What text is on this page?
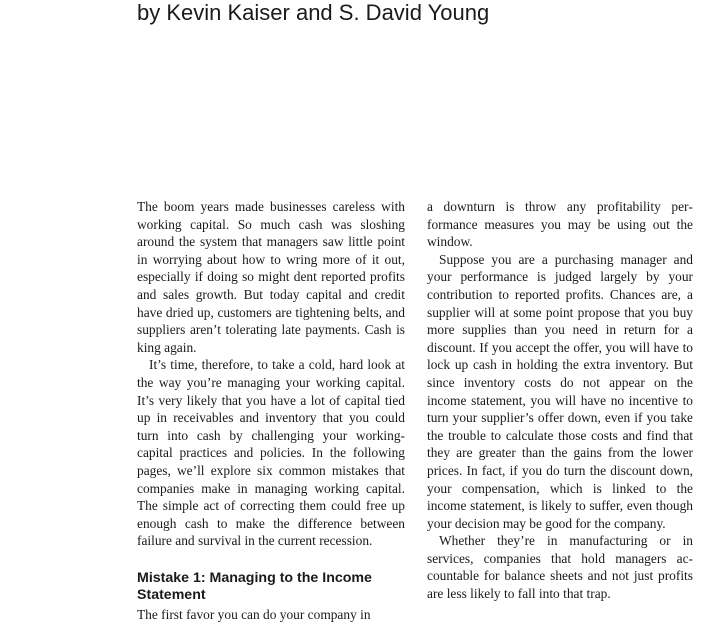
by Kevin Kaiser and S. David Young

The boom years made businesses careless with working capital. So much cash was sloshing around the system that managers saw little point in worrying about how to wring more of it out, especially if doing so might dent reported profits and sales growth. But today capital and credit have dried up, customers are tightening belts, and suppliers aren’t tolerating late payments. Cash is king again.

It’s time, therefore, to take a cold, hard look at the way you’re managing your working capital. It’s very likely that you have a lot of capital tied up in receivables and inventory that you could turn into cash by challenging your working-capital practices and policies. In the following pages, we’ll explore six common mistakes that companies make in managing working capital. The simple act of correcting them could free up enough cash to make the difference between failure and survival in the current recession.

Mistake 1: Managing to the Income Statement

The first favor you can do your company in

a downturn is throw any profitability performance measures you may be using out the window.

Suppose you are a purchasing manager and your performance is judged largely by your contribution to reported profits. Chances are, a supplier will at some point propose that you buy more supplies than you need in return for a discount. If you accept the offer, you will have to lock up cash in holding the extra inventory. But since inventory costs do not appear on the income statement, you will have no incentive to turn your supplier’s offer down, even if you take the trouble to calculate those costs and find that they are greater than the gains from the lower prices. In fact, if you do turn the discount down, your compensation, which is linked to the income statement, is likely to suffer, even though your decision may be good for the company.

Whether they’re in manufacturing or in services, companies that hold managers accountable for balance sheets and not just profits are less likely to fall into that trap.
